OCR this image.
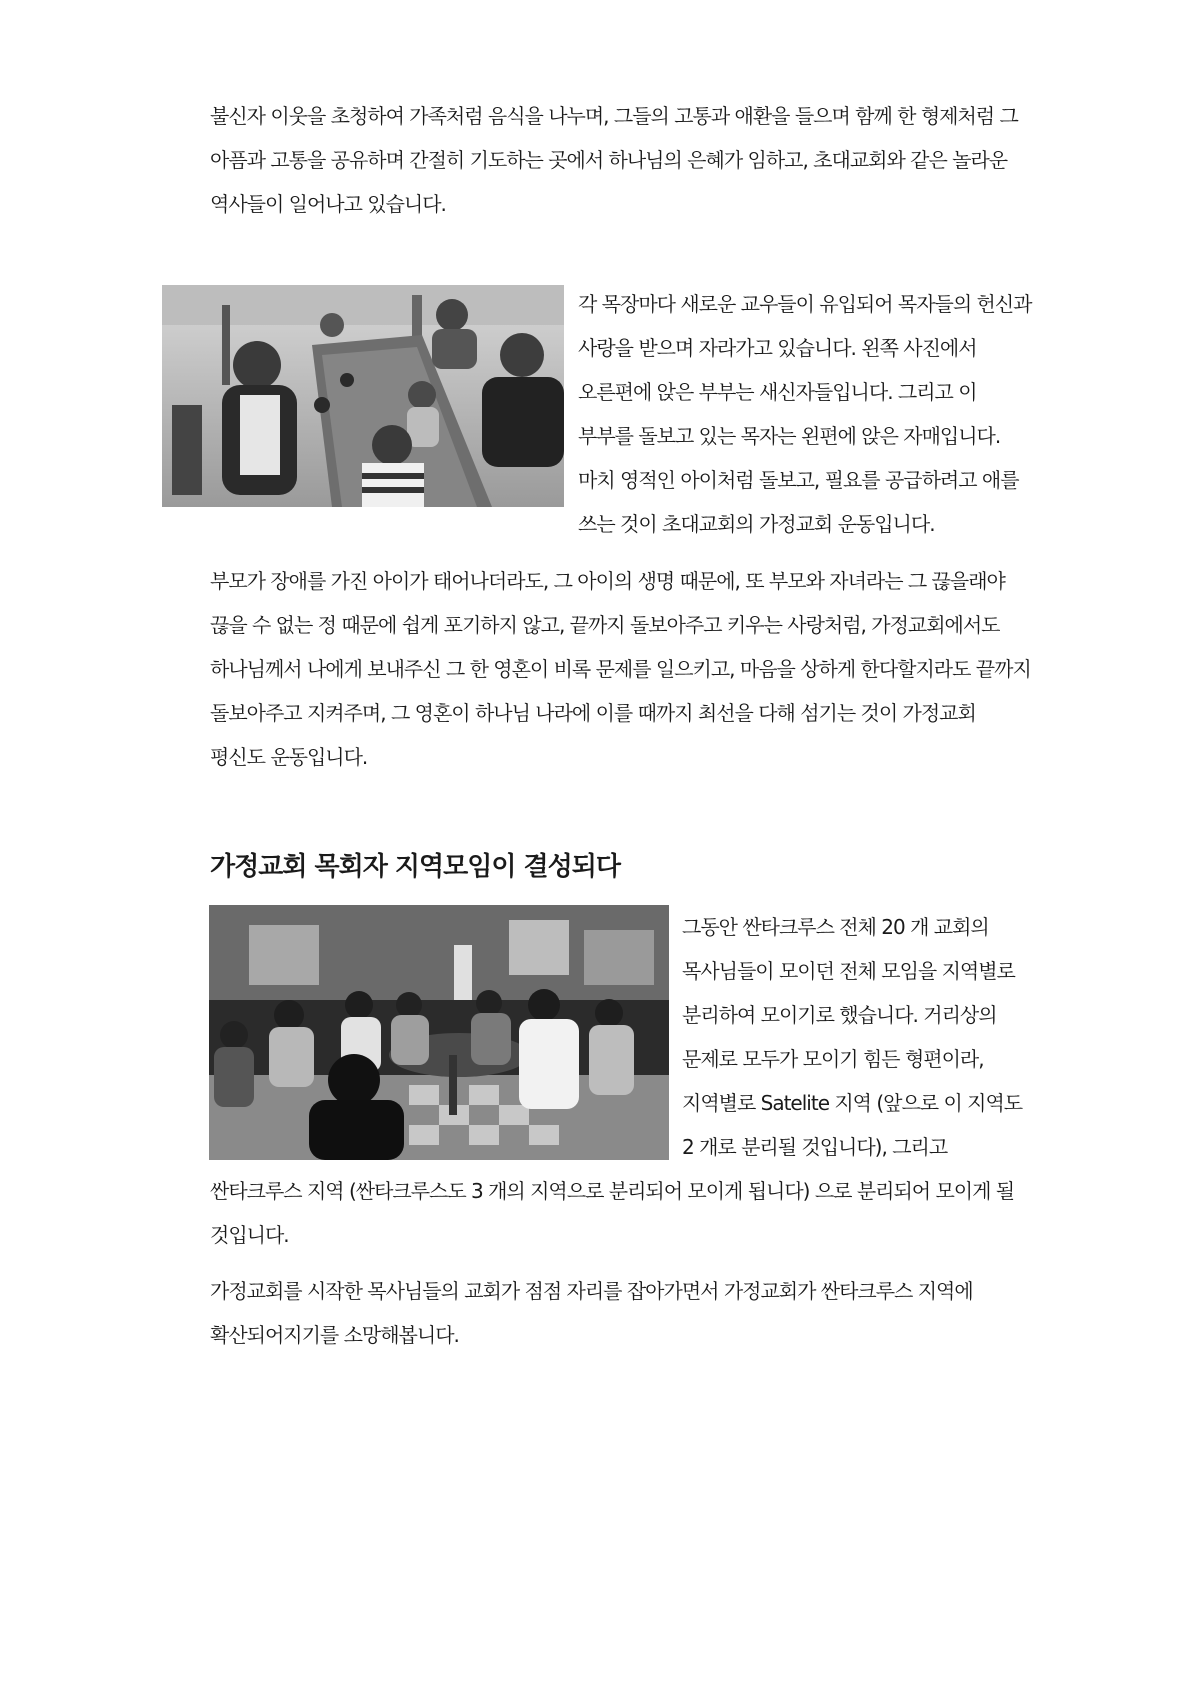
불신자 이웃을 초청하여 가족처럼 음식을 나누며, 그들의 고통과 애환을 들으며 함께 한 형제처럼 그
아픔과 고통을 공유하며 간절히 기도하는 곳에서 하나님의 은혜가 임하고, 초대교회와 같은 놀라운
역사들이 일어나고 있습니다.
각 목장마다 새로운 교우들이 유입되어 목자들의 헌신과
사랑을 받으며 자라가고 있습니다. 왼쪽 사진에서
오른편에 앉은 부부는 새신자들입니다. 그리고 이
부부를 돌보고 있는 목자는 왼편에 앉은 자매입니다.
마치 영적인 아이처럼 돌보고, 필요를 공급하려고 애를
쓰는 것이 초대교회의 가정교회 운동입니다.
부모가 장애를 가진 아이가 태어나더라도, 그 아이의 생명 때문에, 또 부모와 자녀라는 그 끊을래야
끊을 수 없는 정 때문에 쉽게 포기하지 않고, 끝까지 돌보아주고 키우는 사랑처럼, 가정교회에서도
하나님께서 나에게 보내주신 그 한 영혼이 비록 문제를 일으키고, 마음을 상하게 한다할지라도 끝까지
돌보아주고 지켜주며, 그 영혼이 하나님 나라에 이를 때까지 최선을 다해 섬기는 것이 가정교회
평신도 운동입니다.
가정교회 목회자 지역모임이 결성되다
그동안 싼타크루스 전체 20 개 교회의
목사님들이 모이던 전체 모임을 지역별로
분리하여 모이기로 했습니다. 거리상의
문제로 모두가 모이기 힘든 형편이라,
지역별로 Satelite 지역 (앞으로 이 지역도
2 개로 분리될 것입니다), 그리고
싼타크루스 지역 (싼타크루스도 3 개의 지역으로 분리되어 모이게 됩니다) 으로 분리되어 모이게 될
것입니다.
가정교회를 시작한 목사님들의 교회가 점점 자리를 잡아가면서 가정교회가 싼타크루스 지역에
확산되어지기를 소망해봅니다.
